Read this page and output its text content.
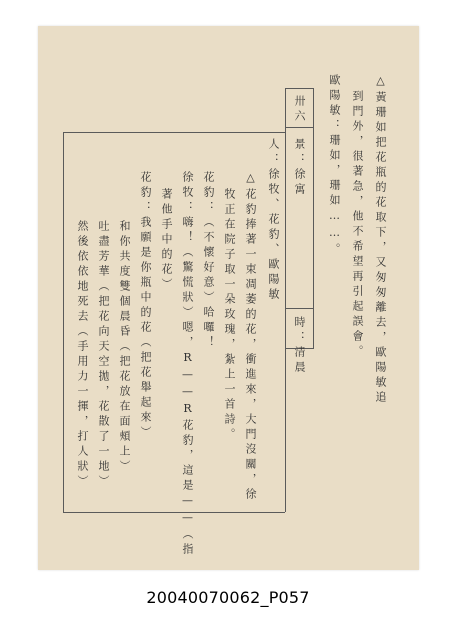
卅六
景：徐寓
時：清晨
人：徐牧、花豹、歐陽敏	△黃珊如把花瓶的花取下，又匆匆離去，歐陽敏追
到門外，很著急，他不希望再引起誤會。
歐陽敏：珊如，珊如……。
△花豹捧著一束凋萎的花，衝進來，大門沒關，徐
牧正在院子取一朵玫瑰，紮上一首詩。
花豹：（不懷好意）哈囉！
徐牧：嗨！（驚慌狀）嗯，R——R花豹，這是——（指
著他手中的花）
花豹：我願是你瓶中的花（把花舉起來）
和你共度雙個晨昏（把花放在面頰上）
吐盡芳華（把花向天空拋，花散了一地）
然後依依地死去（手用力一揮，打人狀）
20040070062_P057
